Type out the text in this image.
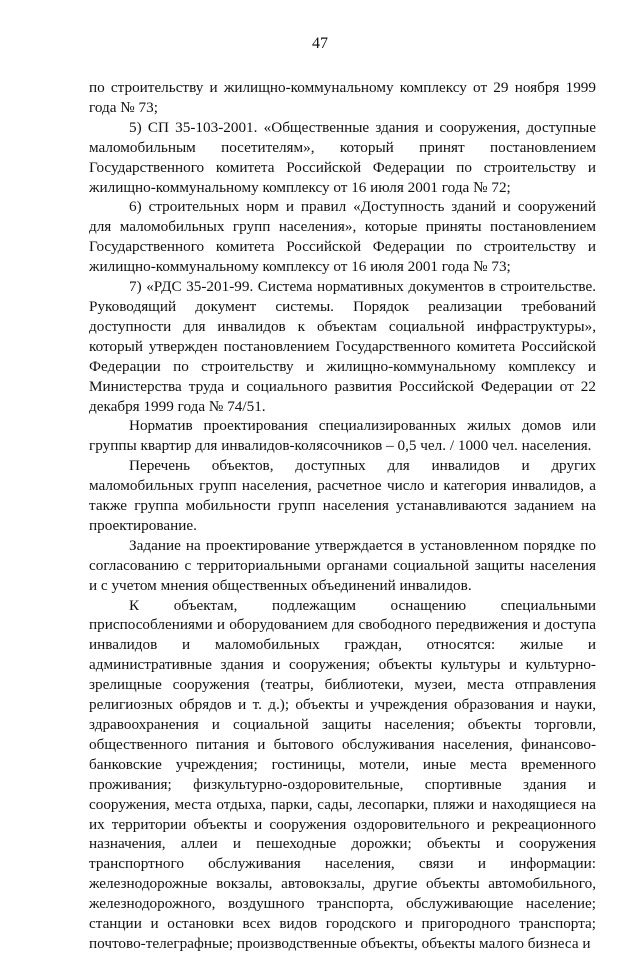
47

по строительству и жилищно-коммунальному комплексу от 29 ноября 1999 года № 73;

5) СП 35-103-2001. «Общественные здания и сооружения, доступные маломобильным посетителям», который принят постановлением Государственного комитета Российской Федерации по строительству и жилищно-коммунальному комплексу от 16 июля 2001 года № 72;

6) строительных норм и правил «Доступность зданий и сооружений для маломобильных групп населения», которые приняты постановлением Государственного комитета Российской Федерации по строительству и жилищно-коммунальному комплексу от 16 июля 2001 года № 73;

7) «РДС 35-201-99. Система нормативных документов в строительстве. Руководящий документ системы. Порядок реализации требований доступности для инвалидов к объектам социальной инфраструктуры», который утвержден постановлением Государственного комитета Российской Федерации по строительству и жилищно-коммунальному комплексу и Министерства труда и социального развития Российской Федерации от 22 декабря 1999 года № 74/51.

Норматив проектирования специализированных жилых домов или группы квартир для инвалидов-колясочников – 0,5 чел. / 1000 чел. населения.

Перечень объектов, доступных для инвалидов и других маломобильных групп населения, расчетное число и категория инвалидов, а также группа мобильности групп населения устанавливаются заданием на проектирование.

Задание на проектирование утверждается в установленном порядке по согласованию с территориальными органами социальной защиты населения и с учетом мнения общественных объединений инвалидов.

К объектам, подлежащим оснащению специальными приспособлениями и оборудованием для свободного передвижения и доступа инвалидов и маломобильных граждан, относятся: жилые и административные здания и сооружения; объекты культуры и культурно-зрелищные сооружения (театры, библиотеки, музеи, места отправления религиозных обрядов и т. д.); объекты и учреждения образования и науки, здравоохранения и социальной защиты населения; объекты торговли, общественного питания и бытового обслуживания населения, финансово-банковские учреждения; гостиницы, мотели, иные места временного проживания; физкультурно-оздоровительные, спортивные здания и сооружения, места отдыха, парки, сады, лесопарки, пляжи и находящиеся на их территории объекты и сооружения оздоровительного и рекреационного назначения, аллеи и пешеходные дорожки; объекты и сооружения транспортного обслуживания населения, связи и информации: железнодорожные вокзалы, автовокзалы, другие объекты автомобильного, железнодорожного, воздушного транспорта, обслуживающие население; станции и остановки всех видов городского и пригородного транспорта; почтово-телеграфные; производственные объекты, объекты малого бизнеса и
